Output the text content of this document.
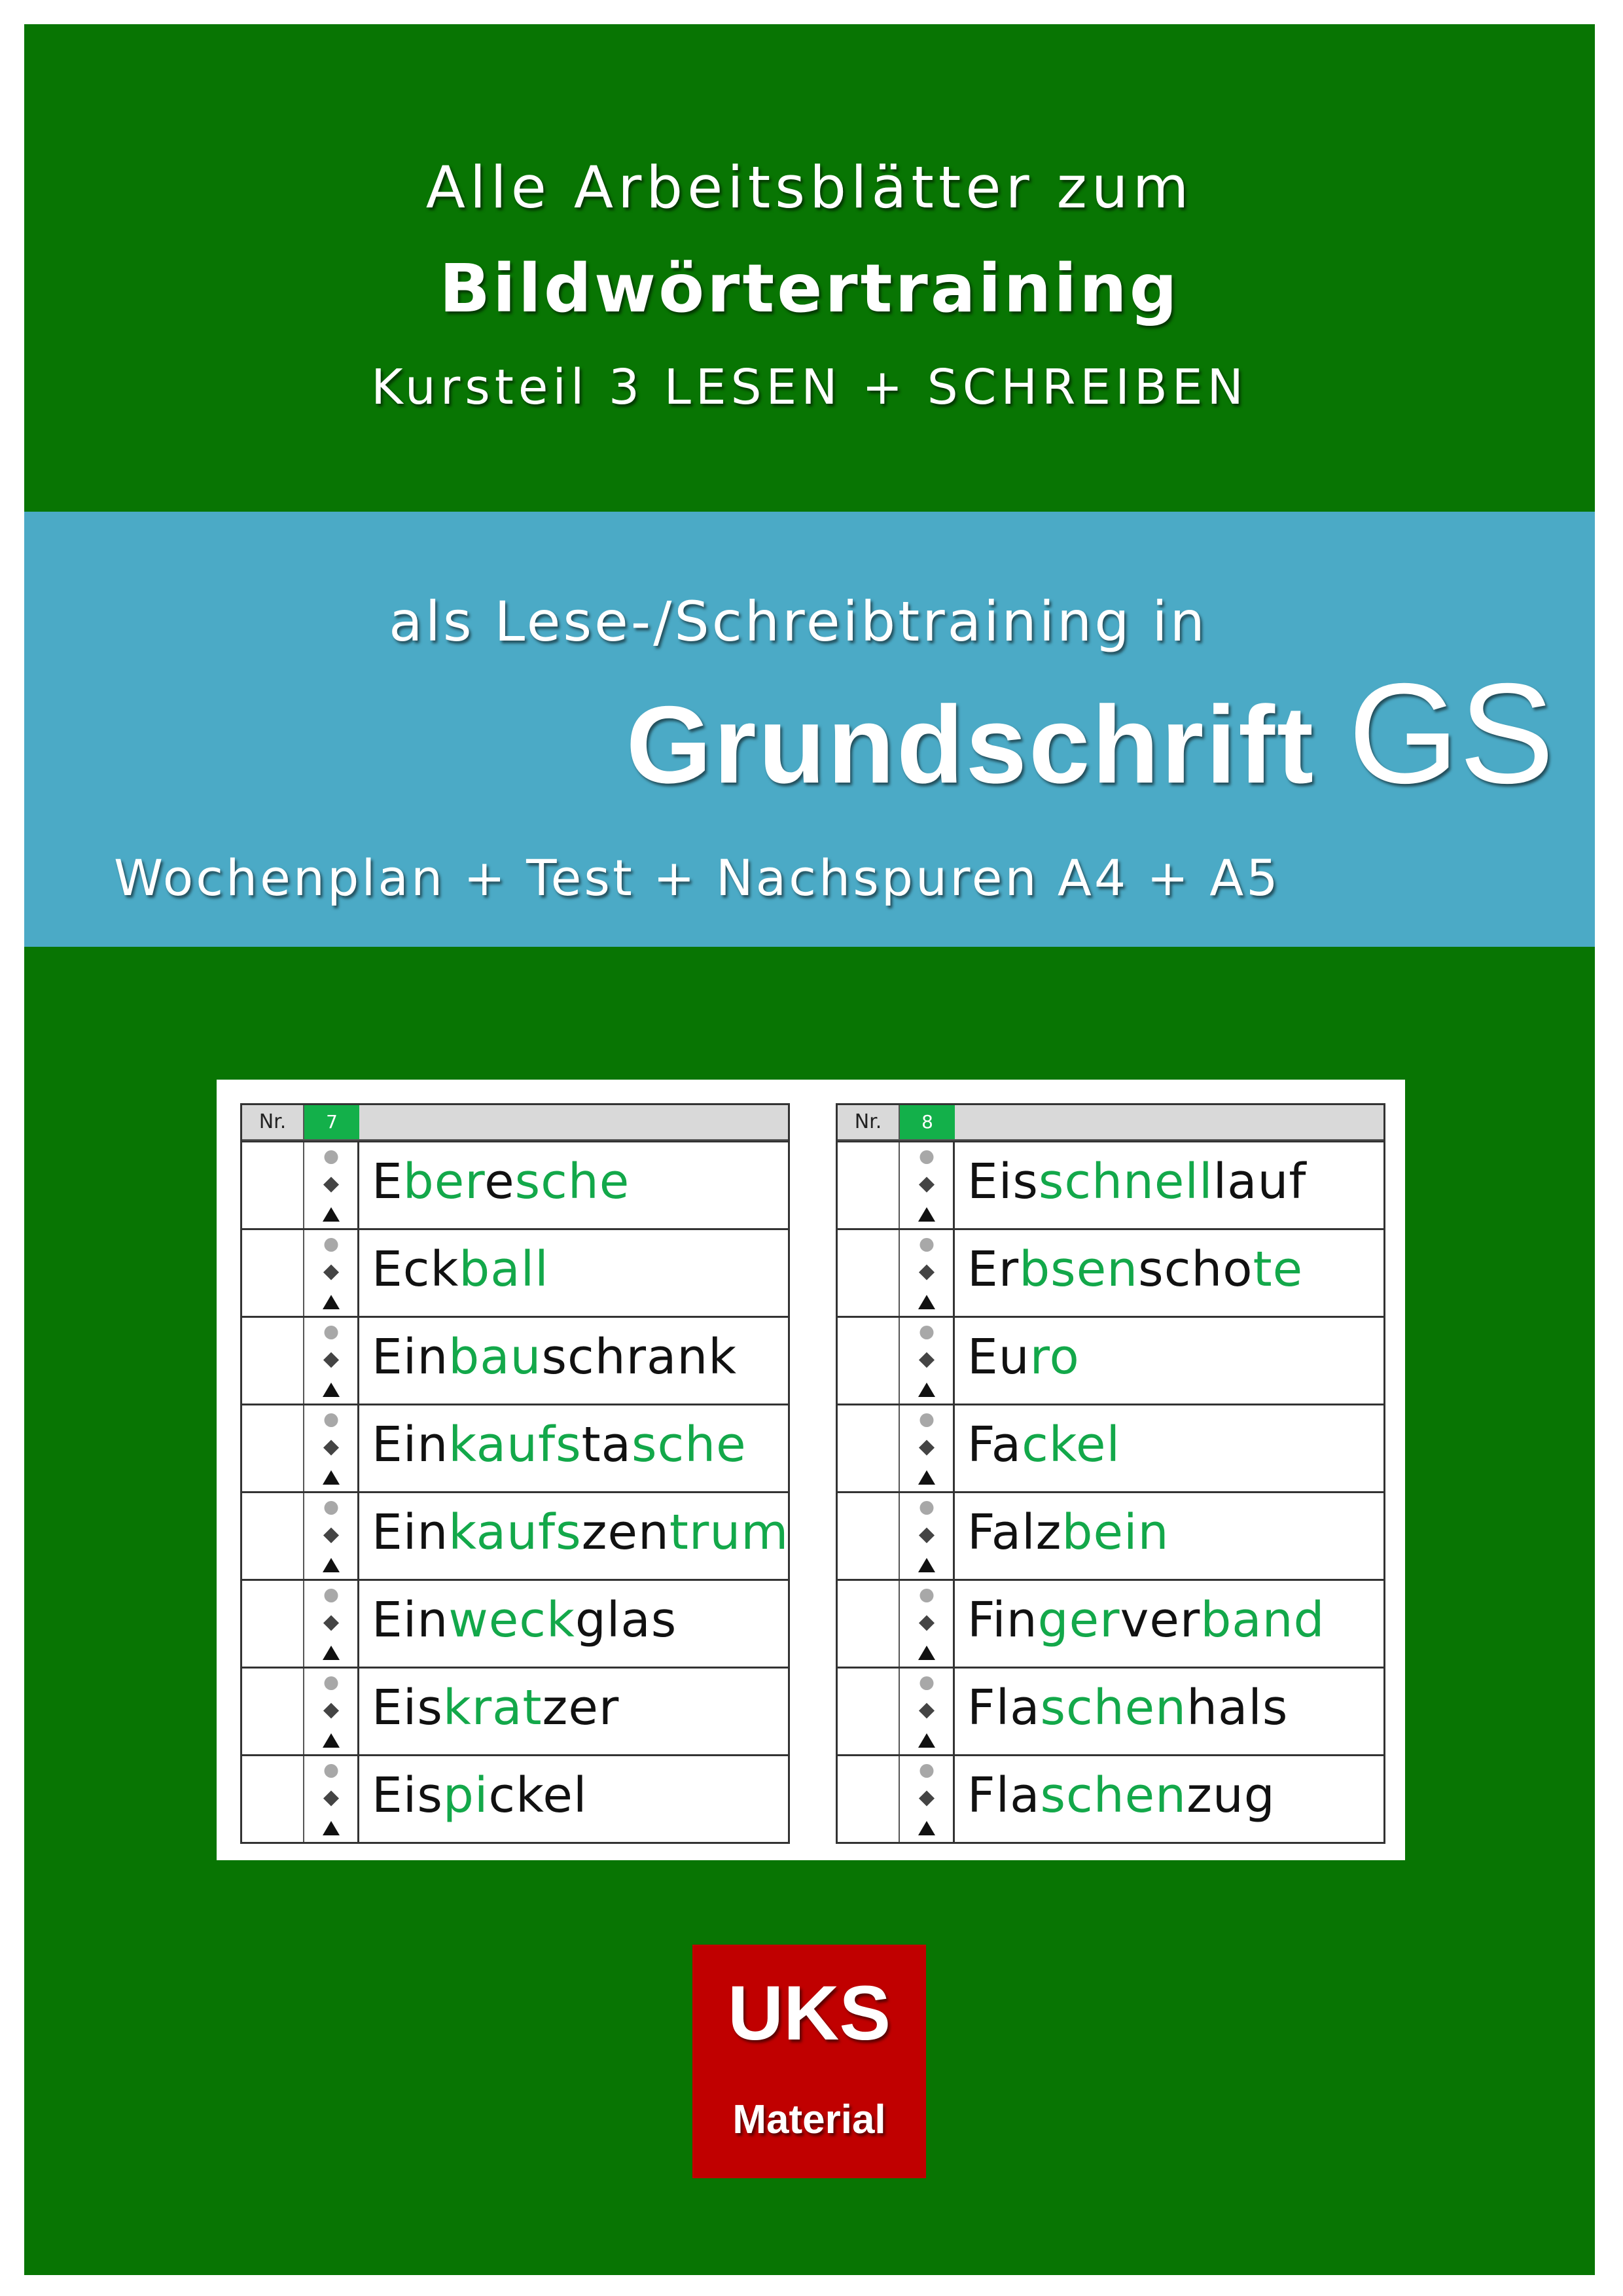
Alle Arbeitsblätter zum
Bildwörtertraining
Kursteil 3 LESEN + SCHREIBEN
als Lese-/Schreibtraining in
Grundschrift GS
Wochenplan + Test + Nachspuren A4 + A5
Nr.	7
Eberesche
Eckball
Einbauschrank
Einkaufstasche
Einkaufszentrum
Einweckglas
Eiskratzer
Eispickel
Nr.	8
Eisschnelllauf
Erbsenschote
Euro
Fackel
Falzbein
Fingerverband
Flaschenhals
Flaschenzug
UKS
Material
